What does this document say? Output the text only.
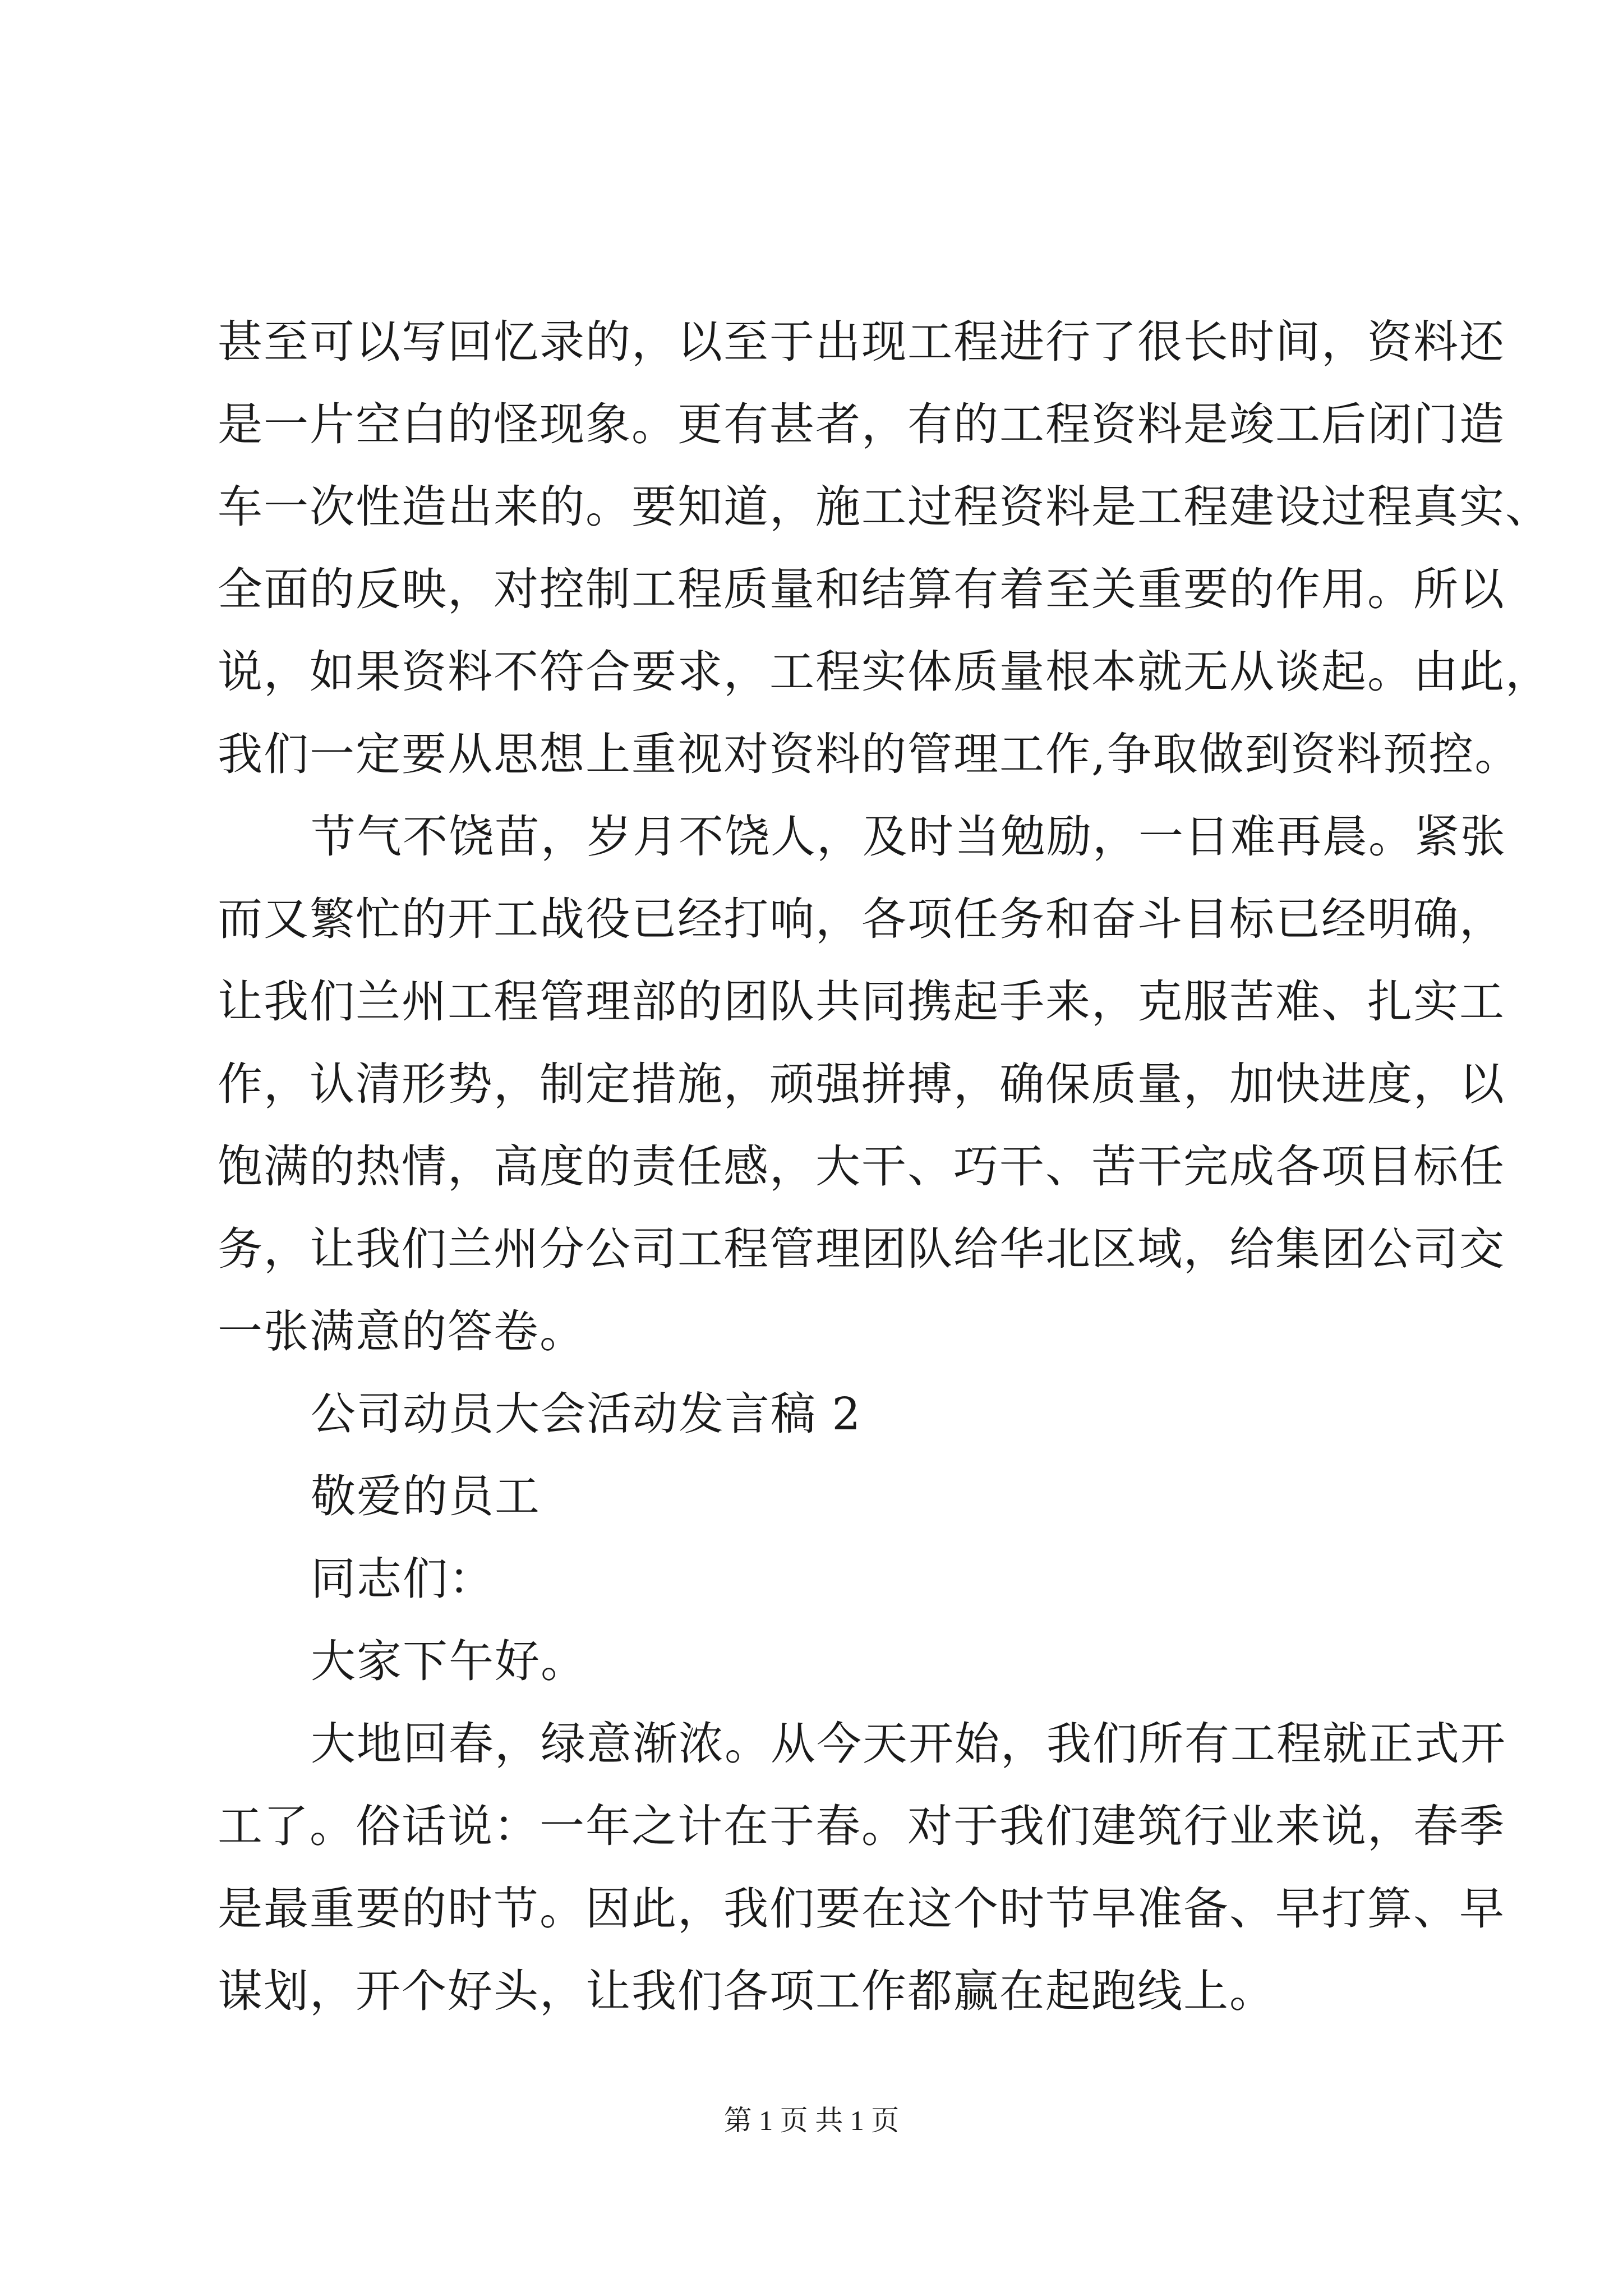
甚至可以写回忆录的，以至于出现工程进行了很长时间，资料还
是一片空白的怪现象。更有甚者，有的工程资料是竣工后闭门造
车一次性造出来的。要知道，施工过程资料是工程建设过程真实、
全面的反映，对控制工程质量和结算有着至关重要的作用。所以
说，如果资料不符合要求，工程实体质量根本就无从谈起。由此，
我们一定要从思想上重视对资料的管理工作,争取做到资料预控。
节气不饶苗，岁月不饶人，及时当勉励，一日难再晨。紧张
而又繁忙的开工战役已经打响，各项任务和奋斗目标已经明确，
让我们兰州工程管理部的团队共同携起手来，克服苦难、扎实工
作，认清形势，制定措施，顽强拼搏，确保质量，加快进度，以
饱满的热情，高度的责任感，大干、巧干、苦干完成各项目标任
务，让我们兰州分公司工程管理团队给华北区域，给集团公司交
一张满意的答卷。
公司动员大会活动发言稿 2
敬爱的员工
同志们：
大家下午好。
大地回春，绿意渐浓。从今天开始，我们所有工程就正式开
工了。俗话说：一年之计在于春。对于我们建筑行业来说，春季
是最重要的时节。因此，我们要在这个时节早准备、早打算、早
谋划，开个好头，让我们各项工作都赢在起跑线上。
第 1 页 共 1 页
